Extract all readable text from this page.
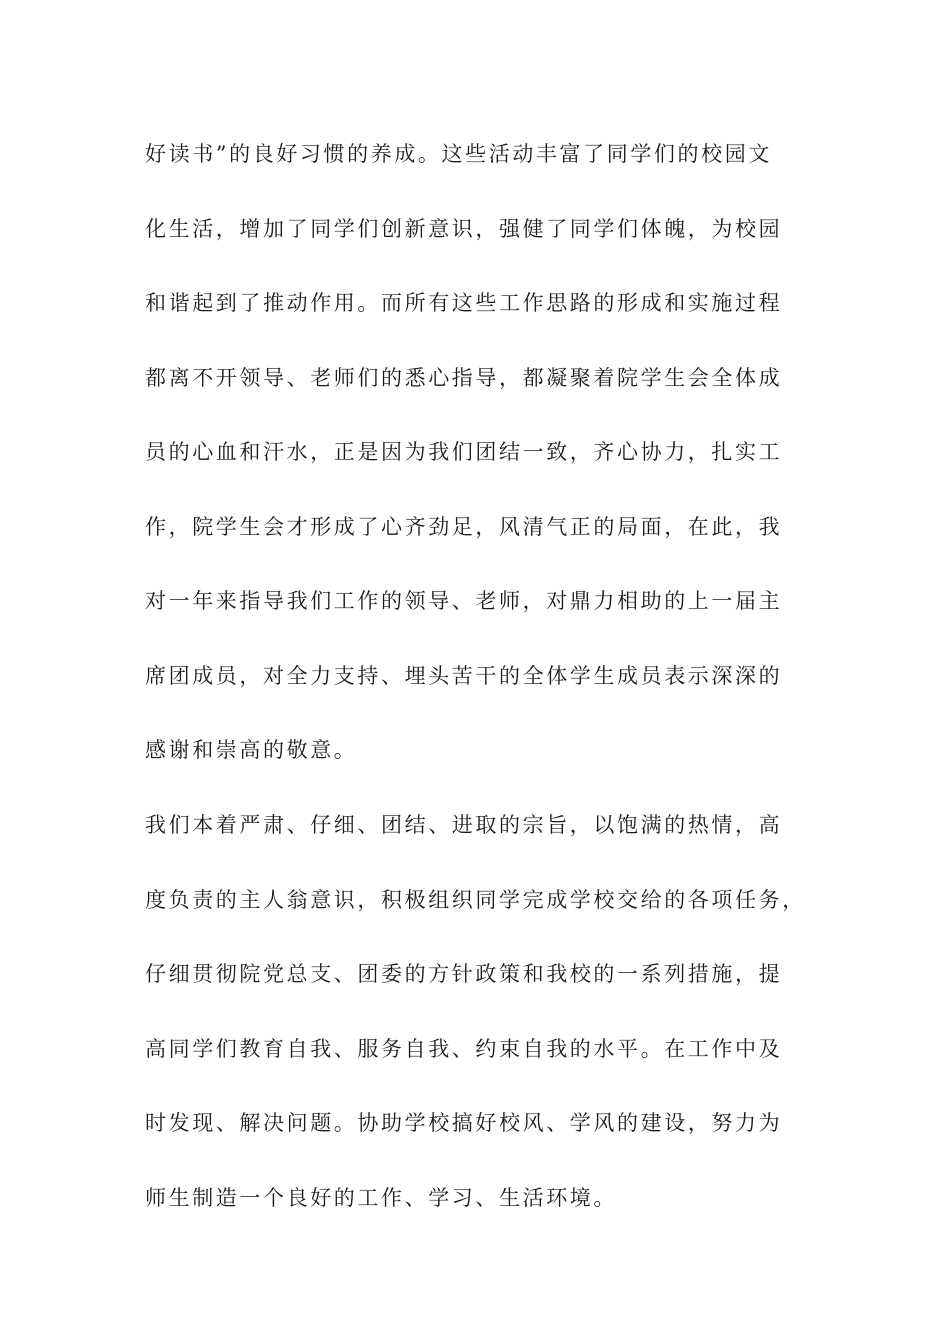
好读书”的良好习惯的养成。这些活动丰富了同学们的校园文
化生活，增加了同学们创新意识，强健了同学们体魄，为校园
和谐起到了推动作用。而所有这些工作思路的形成和实施过程
都离不开领导、老师们的悉心指导，都凝聚着院学生会全体成
员的心血和汗水，正是因为我们团结一致，齐心协力，扎实工
作，院学生会才形成了心齐劲足，风清气正的局面，在此，我
对一年来指导我们工作的领导、老师，对鼎力相助的上一届主
席团成员，对全力支持、埋头苦干的全体学生成员表示深深的
感谢和崇高的敬意。
我们本着严肃、仔细、团结、进取的宗旨，以饱满的热情，高
度负责的主人翁意识，积极组织同学完成学校交给的各项任务，
仔细贯彻院党总支、团委的方针政策和我校的一系列措施，提
高同学们教育自我、服务自我、约束自我的水平。在工作中及
时发现、解决问题。协助学校搞好校风、学风的建设，努力为
师生制造一个良好的工作、学习、生活环境。
